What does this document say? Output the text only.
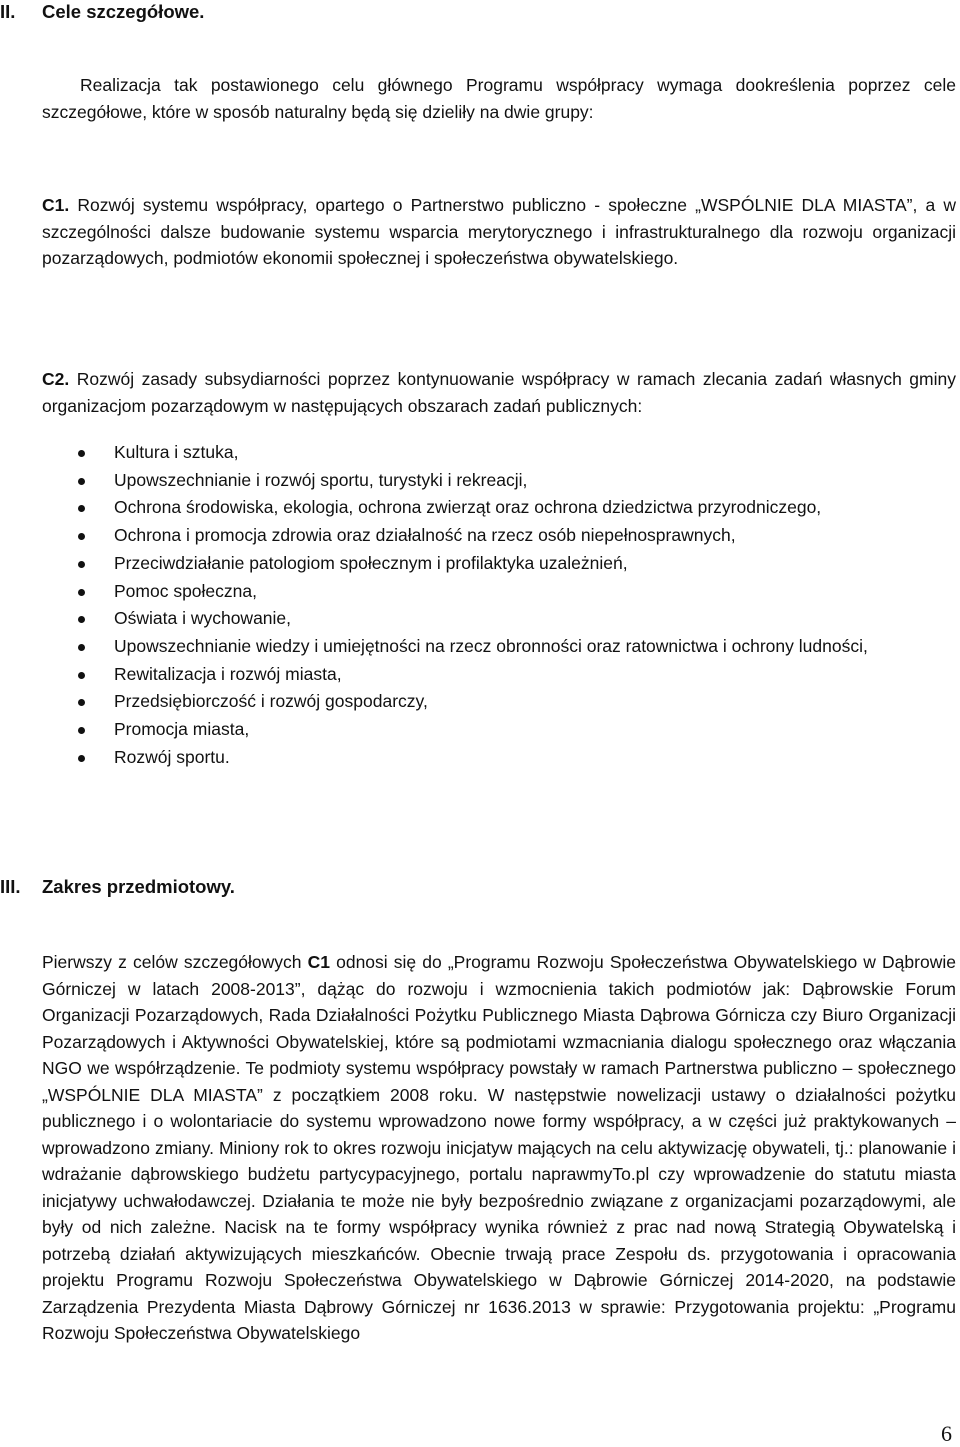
II. Cele szczegółowe.

Realizacja tak postawionego celu głównego Programu współpracy wymaga dookreślenia poprzez cele szczegółowe, które w sposób naturalny będą się dzieliły na dwie grupy:

C1. Rozwój systemu współpracy, opartego o Partnerstwo publiczno - społeczne „WSPÓLNIE DLA MIASTA”, a w szczególności dalsze budowanie systemu wsparcia merytorycznego i infrastrukturalnego dla rozwoju organizacji pozarządowych, podmiotów ekonomii społecznej i społeczeństwa obywatelskiego.

C2. Rozwój zasady subsydiarności poprzez kontynuowanie współpracy w ramach zlecania zadań własnych gminy organizacjom pozarządowym w następujących obszarach zadań publicznych:

Kultura i sztuka,
Upowszechnianie i rozwój sportu, turystyki i rekreacji,
Ochrona środowiska, ekologia, ochrona zwierząt oraz ochrona dziedzictwa przyrodniczego,
Ochrona i promocja zdrowia oraz działalność na rzecz osób niepełnosprawnych,
Przeciwdziałanie patologiom społecznym i profilaktyka uzależnień,
Pomoc społeczna,
Oświata i wychowanie,
Upowszechnianie wiedzy i umiejętności na rzecz obronności oraz ratownictwa i ochrony ludności,
Rewitalizacja i rozwój miasta,
Przedsiębiorczość i rozwój gospodarczy,
Promocja miasta,
Rozwój sportu.
III. Zakres przedmiotowy.

Pierwszy z celów szczegółowych C1 odnosi się do „Programu Rozwoju Społeczeństwa Obywatelskiego w Dąbrowie Górniczej w latach 2008-2013”, dążąc do rozwoju i wzmocnienia takich podmiotów jak: Dąbrowskie Forum Organizacji Pozarządowych, Rada Działalności Pożytku Publicznego Miasta Dąbrowa Górnicza czy Biuro Organizacji Pozarządowych i Aktywności Obywatelskiej, które są podmiotami wzmacniania dialogu społecznego oraz włączania NGO we współrządzenie. Te podmioty systemu współpracy powstały w ramach Partnerstwa publiczno – społecznego „WSPÓLNIE DLA MIASTA” z początkiem 2008 roku. W następstwie nowelizacji ustawy o działalności pożytku publicznego i o wolontariacie do systemu wprowadzono nowe formy współpracy, a w części już praktykowanych – wprowadzono zmiany. Miniony rok to okres rozwoju inicjatyw mających na celu aktywizację obywateli, tj.: planowanie i wdrażanie dąbrowskiego budżetu partycypacyjnego, portalu naprawmyTo.pl czy wprowadzenie do statutu miasta inicjatywy uchwałodawczej. Działania te może nie były bezpośrednio związane z organizacjami pozarządowymi, ale były od nich zależne. Nacisk na te formy współpracy wynika również z prac nad nową Strategią Obywatelską i potrzebą działań aktywizujących mieszkańców. Obecnie trwają prace Zespołu ds. przygotowania i opracowania projektu Programu Rozwoju Społeczeństwa Obywatelskiego w Dąbrowie Górniczej 2014-2020, na podstawie Zarządzenia Prezydenta Miasta Dąbrowy Górniczej nr 1636.2013 w sprawie: Przygotowania projektu: „Programu Rozwoju Społeczeństwa Obywatelskiego

6
